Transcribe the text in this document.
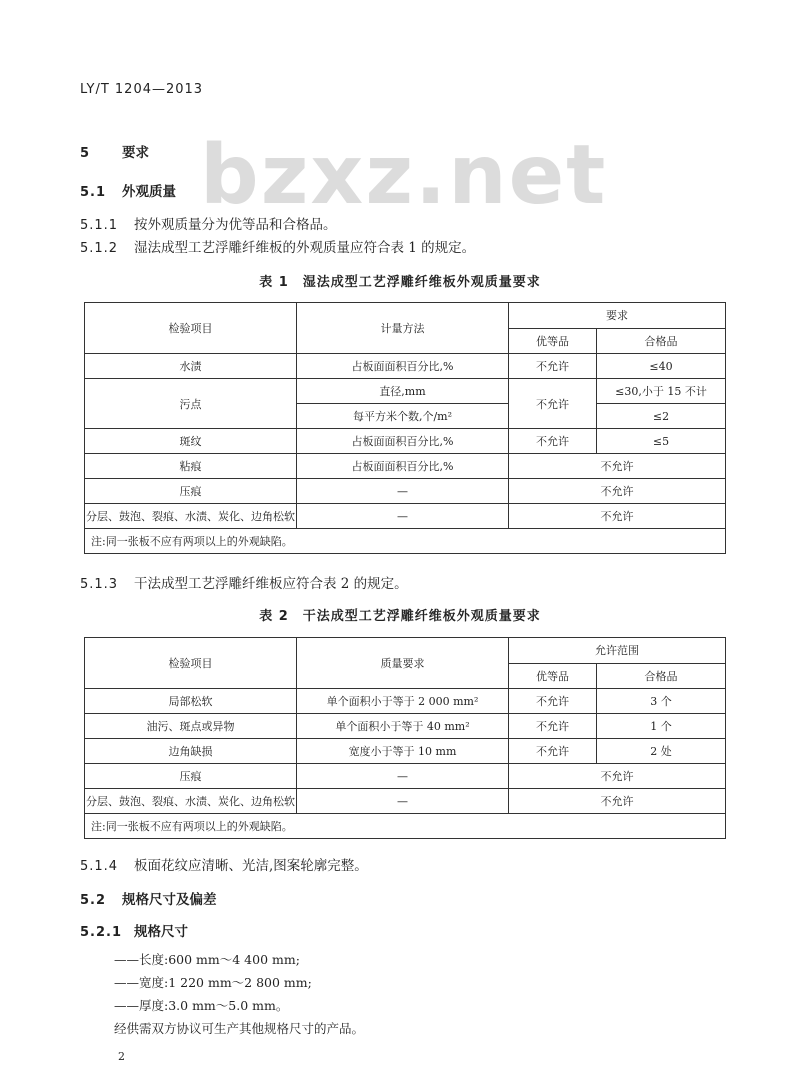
LY/T 1204—2013
bzxz.net
5 要求
5.1 外观质量
5.1.1 按外观质量分为优等品和合格品。
5.1.2 湿法成型工艺浮雕纤维板的外观质量应符合表 1 的规定。
表 1　湿法成型工艺浮雕纤维板外观质量要求
检验项目	计量方法	要求	
		优等品	合格品
水渍	占板面面积百分比,%	不允许	≤40
污点	直径,mm	不允许	≤30,小于 15 不计
	每平方米个数,个/m²		≤2
斑纹	占板面面积百分比,%	不允许	≤5
粘痕	占板面面积百分比,%	不允许	
压痕	—	不允许	
分层、鼓泡、裂痕、水渍、炭化、边角松软	—	不允许	
注:同一张板不应有两项以上的外观缺陷。			
5.1.3 干法成型工艺浮雕纤维板应符合表 2 的规定。
表 2　干法成型工艺浮雕纤维板外观质量要求
检验项目	质量要求	允许范围	
		优等品	合格品
局部松软	单个面积小于等于 2 000 mm²	不允许	3 个
油污、斑点或异物	单个面积小于等于 40 mm²	不允许	1 个
边角缺损	宽度小于等于 10 mm	不允许	2 处
压痕	—	不允许	
分层、鼓泡、裂痕、水渍、炭化、边角松软	—	不允许	
注:同一张板不应有两项以上的外观缺陷。			
5.1.4 板面花纹应清晰、光洁,图案轮廓完整。
5.2 规格尺寸及偏差
5.2.1 规格尺寸
——长度:600 mm～4 400 mm;
——宽度:1 220 mm～2 800 mm;
——厚度:3.0 mm～5.0 mm。
经供需双方协议可生产其他规格尺寸的产品。
2
